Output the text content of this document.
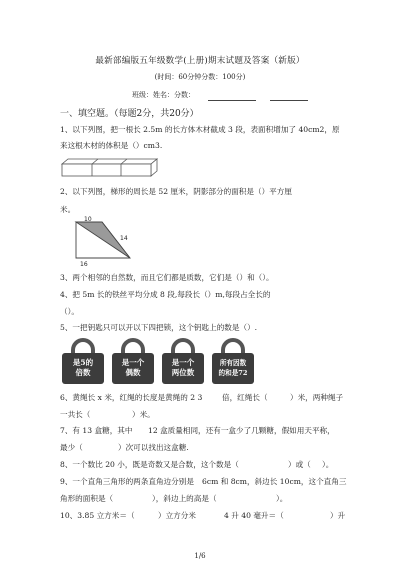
最新部编版五年级数学(上册)期末试题及答案（新版）
(时间：60分钟分数：100分)
班级：姓名：分数：
一、填空题。（每题2分，共20分）
1、以下列图，把一根长 2.5m 的长方体木材截成 3 段，表面积增加了 40cm2，原
来这根木材的体积是（）cm3.
2、以下列图，梯形的周长是 52 厘米，阴影部分的面积是（）平方厘
米。
10
14
16
3、两个相邻的自然数，而且它们都是质数，它们是（）和（）。
4、把 5m 长的铁丝平均分成 8 段,每段长（）m,每段占全长的
（）。
5、一把钥匙只可以开以下四把锁，这个钥匙上的数是（）.
是5的
倍数
是一个
偶数
是一个
两位数
所有因数
的和是72
6、黄绳长 x 米，红绳的长度是黄绳的 2 3	倍，红绳长（	）米，两种绳子
一共长（	）米。
7、有 13 盒糖，其中 12 盒质量相同，还有一盒少了几颗糖，假如用天平称，
最少（	）次可以找出这盒糖.
8、一个数比 20 小，既是奇数又是合数，这个数是（	）或（ ）。
9、一个直角三角形的两条直角边分别是 6cm 和 8cm，斜边长 10cm，这个直角三
角形的面积是（	），斜边上的高是（	）。
10、3.85 立方米＝（	）立方分米	4 升 40 毫升＝（	）升
1/6
